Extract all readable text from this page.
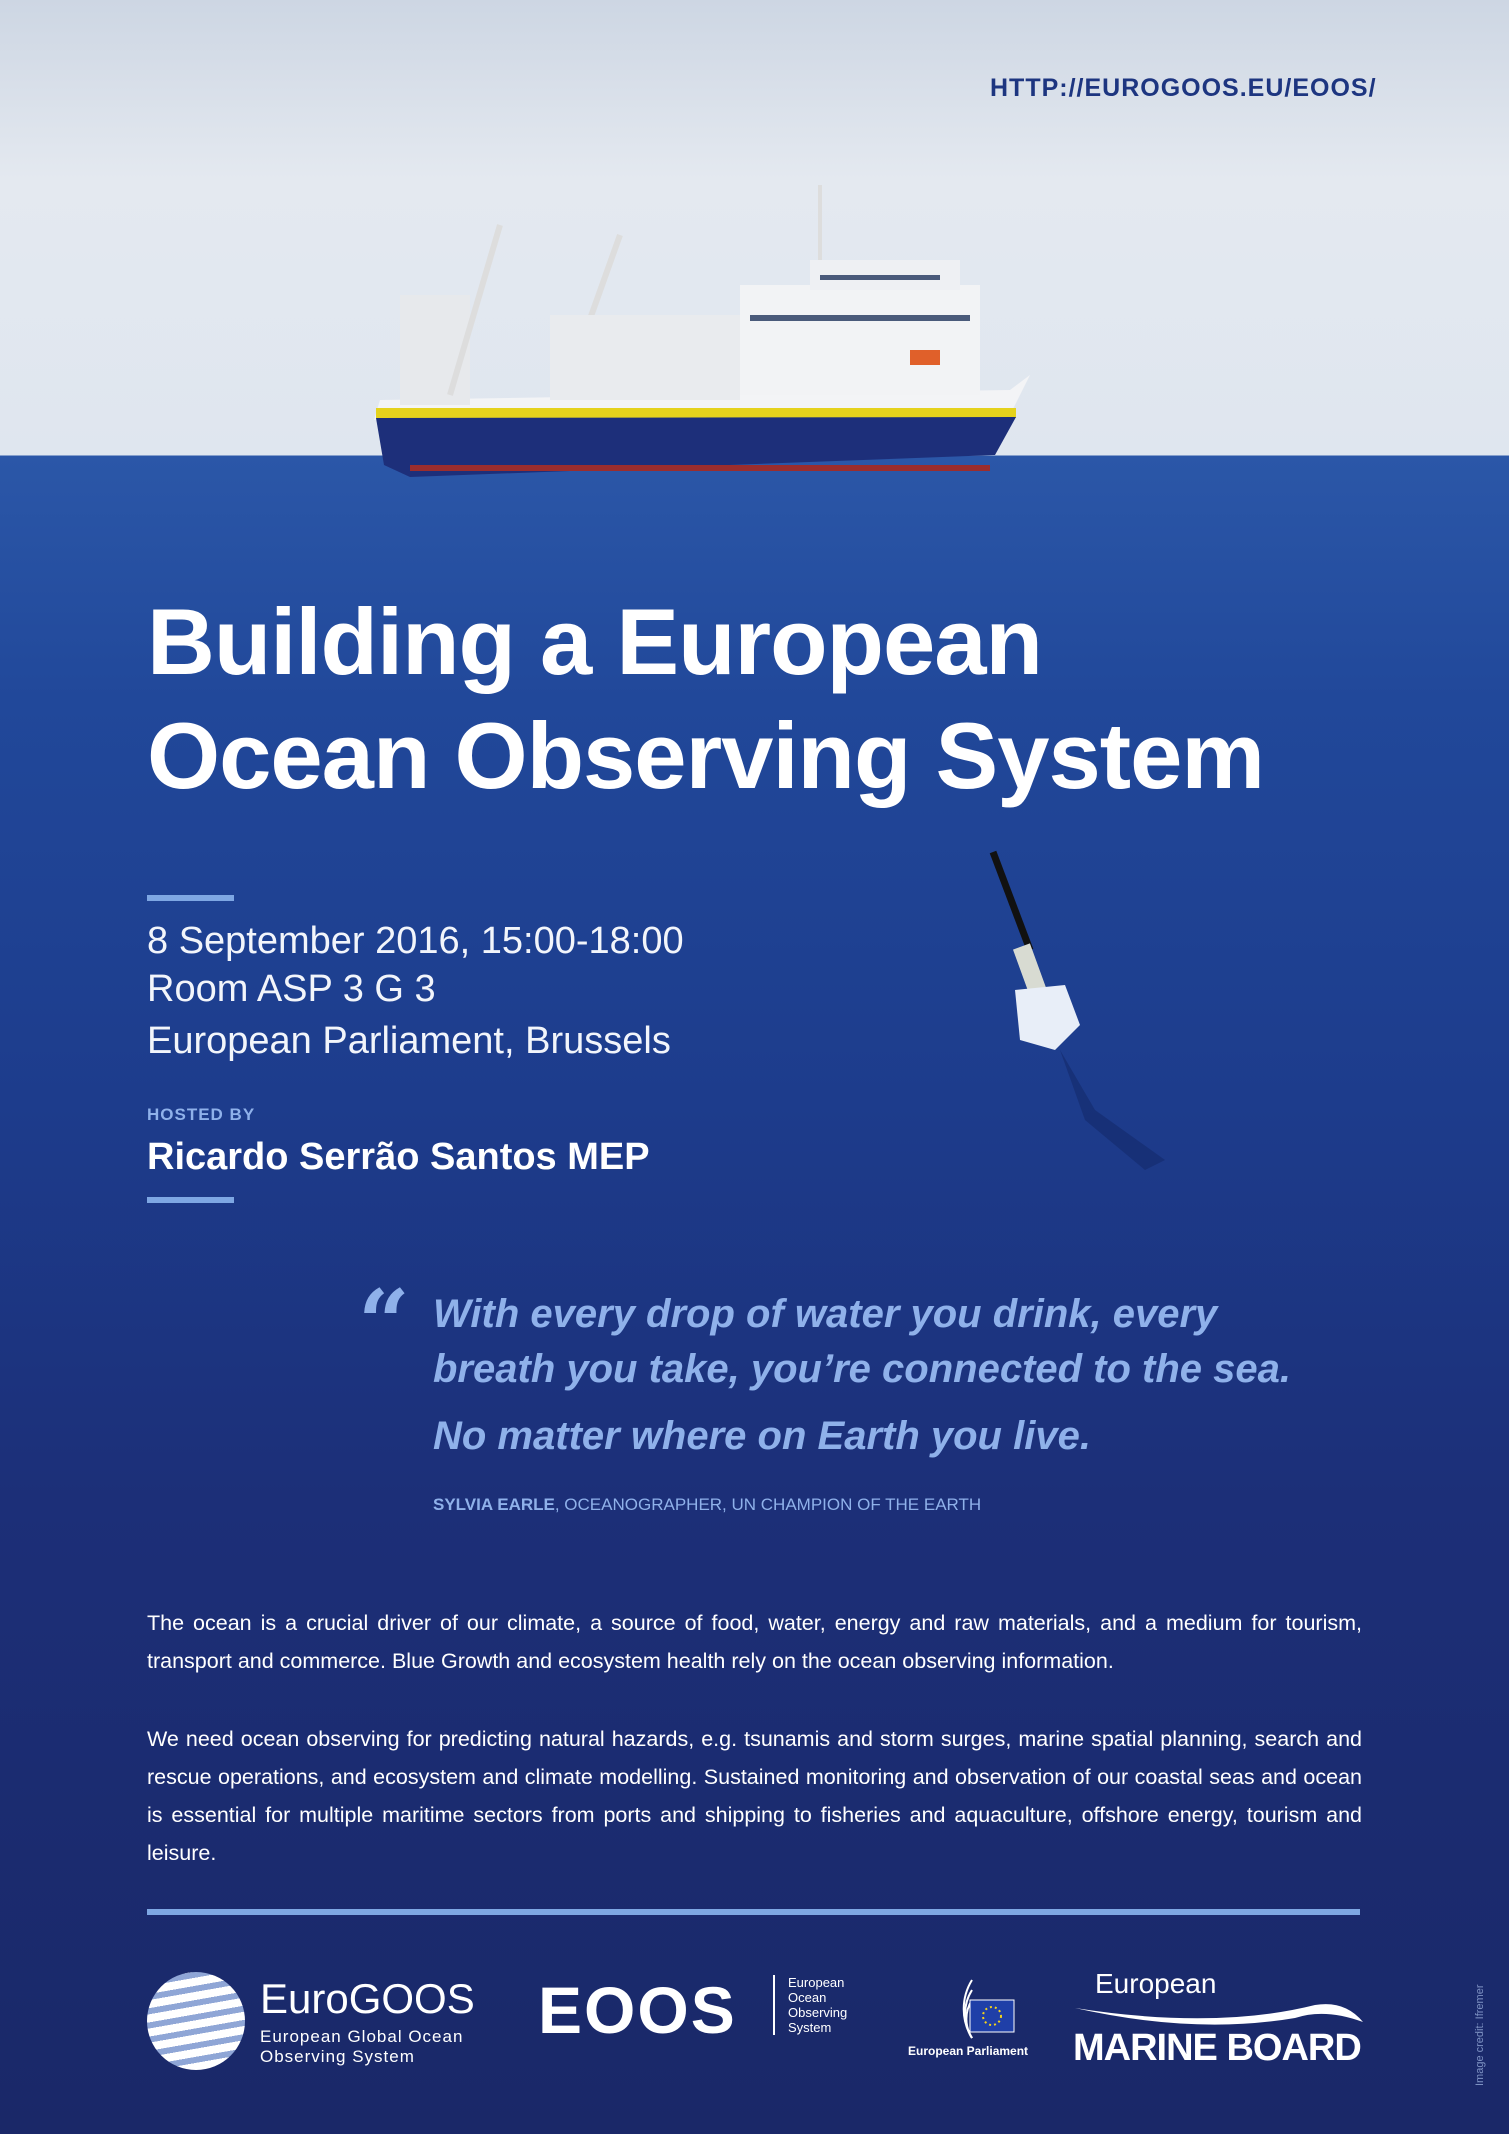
HTTP://EUROGOOS.EU/EOOS/
Building a European
Ocean Observing System
8 September 2016, 15:00-18:00
Room ASP 3 G 3
European Parliament, Brussels
HOSTED BY
Ricardo Serrão Santos MEP
“ With every drop of water you drink, every
breath you take, you’re connected to the sea.
No matter where on Earth you live.
SYLVIA EARLE, OCEANOGRAPHER, UN CHAMPION OF THE EARTH
The ocean is a crucial driver of our climate, a source of food, water, energy and raw materials, and a medium for tourism, transport and commerce. Blue Growth and ecosystem health rely on the ocean observing information.
We need ocean observing for predicting natural hazards, e.g. tsunamis and storm surges, marine spatial planning, search and rescue operations, and ecosystem and climate modelling. Sustained monitoring and observation of our coastal seas and ocean is essential for multiple maritime sectors from ports and shipping to fisheries and aquaculture, offshore energy, tourism and leisure.
EuroGOOS
European Global Ocean
Observing System
EOOS	European
Ocean
Observing
System
European Parliament
European
MARINE BOARD	Image credit: Ifremer
